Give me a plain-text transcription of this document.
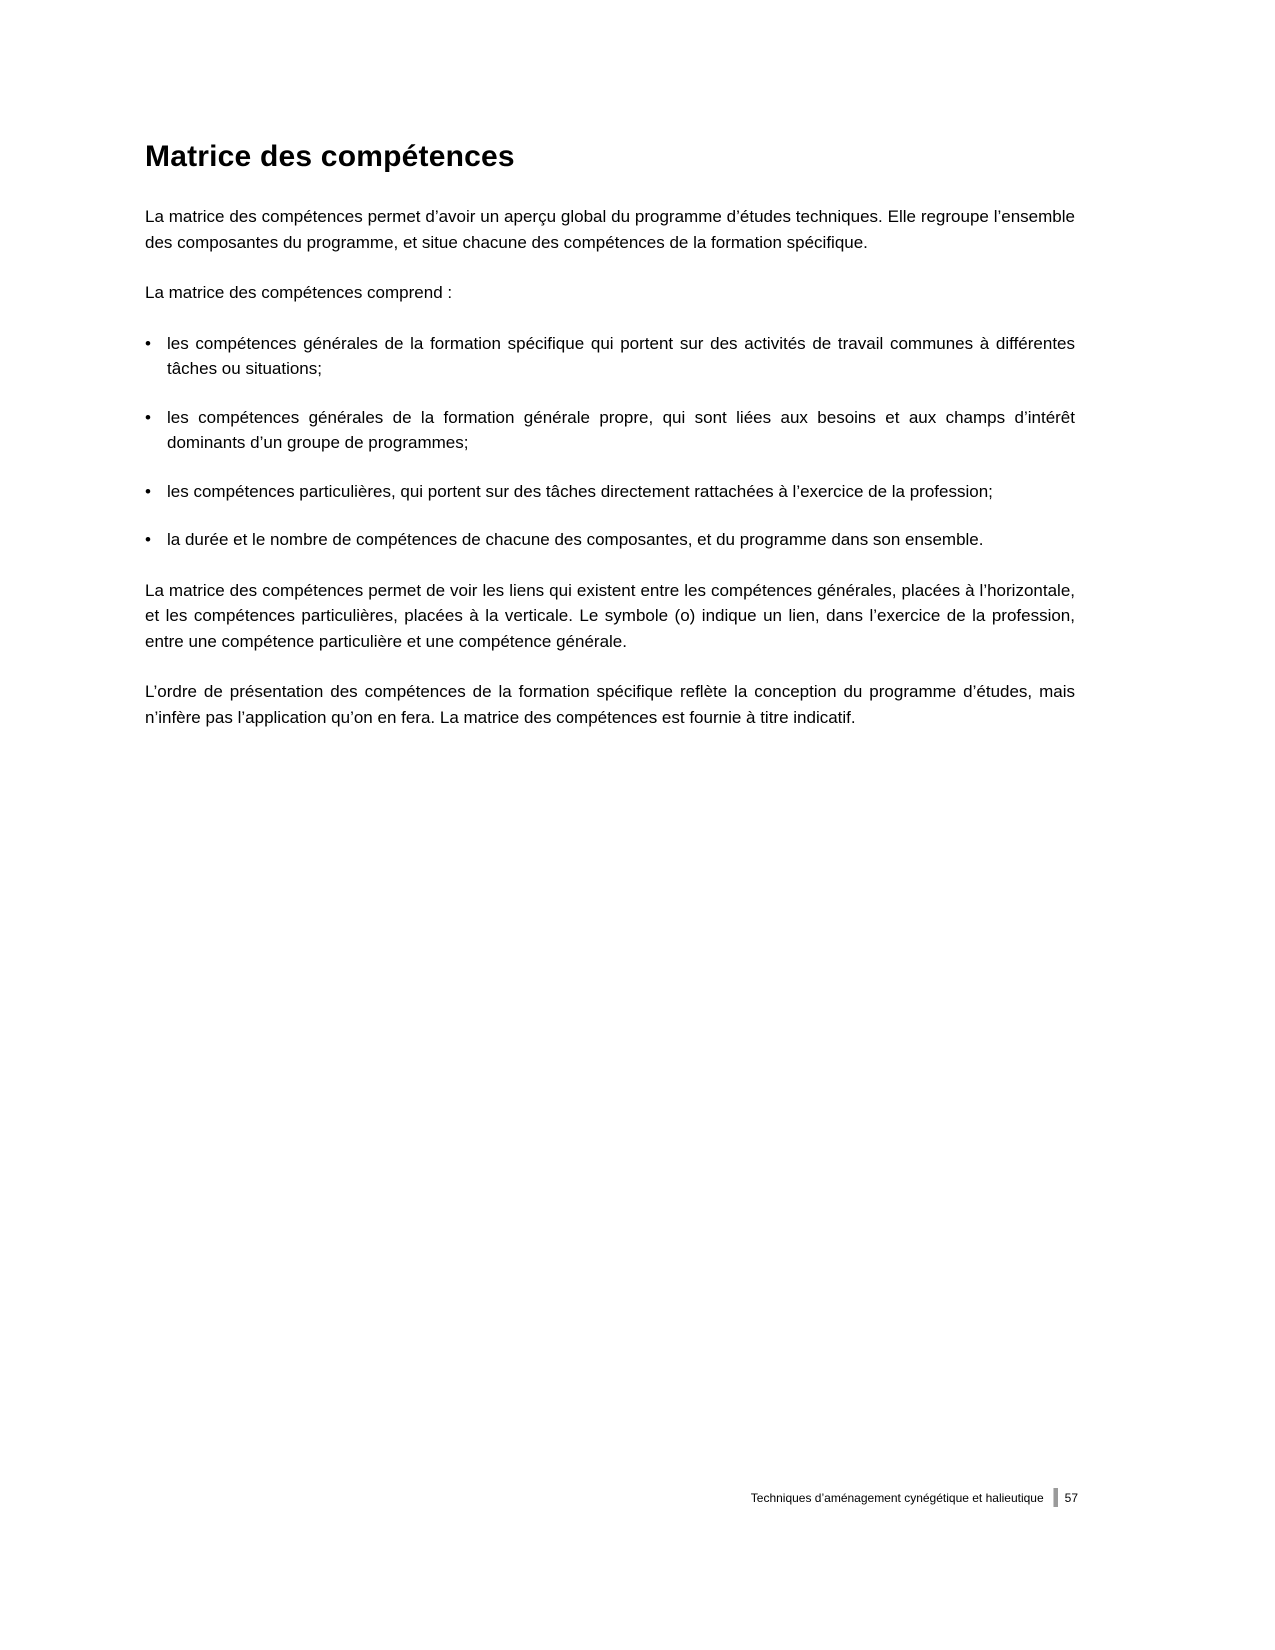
Matrice des compétences

La matrice des compétences permet d’avoir un aperçu global du programme d’études techniques. Elle regroupe l’ensemble des composantes du programme, et situe chacune des compétences de la formation spécifique.

La matrice des compétences comprend :

• les compétences générales de la formation spécifique qui portent sur des activités de travail communes à différentes tâches ou situations;
• les compétences générales de la formation générale propre, qui sont liées aux besoins et aux champs d’intérêt dominants d’un groupe de programmes;
• les compétences particulières, qui portent sur des tâches directement rattachées à l’exercice de la profession;
• la durée et le nombre de compétences de chacune des composantes, et du programme dans son ensemble.

La matrice des compétences permet de voir les liens qui existent entre les compétences générales, placées à l’horizontale, et les compétences particulières, placées à la verticale. Le symbole (o) indique un lien, dans l’exercice de la profession, entre une compétence particulière et une compétence générale.

L’ordre de présentation des compétences de la formation spécifique reflète la conception du programme d’études, mais n’infère pas l’application qu’on en fera. La matrice des compétences est fournie à titre indicatif.

Techniques d’aménagement cynégétique et halieutique 57
